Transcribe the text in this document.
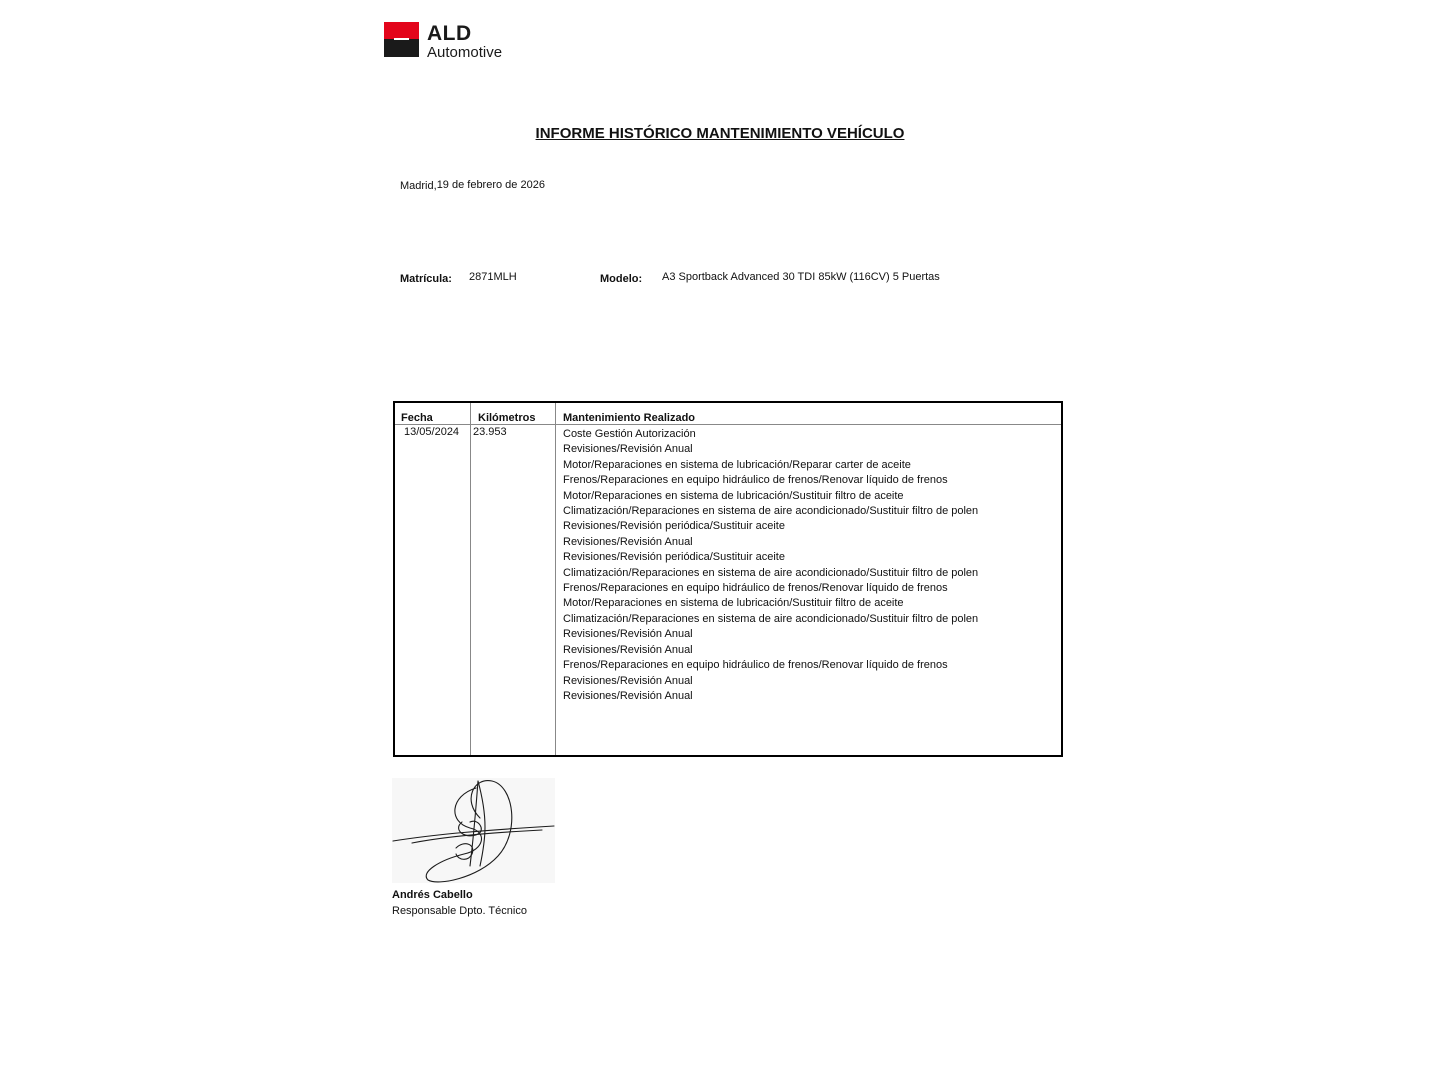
ALD
Automotive
INFORME HISTÓRICO MANTENIMIENTO VEHÍCULO
Madrid,19 de febrero de 2026
Matrícula: 2871MLH	Modelo: A3 Sportback Advanced 30 TDI 85kW (116CV) 5 Puertas
Fecha	Kilómetros	Mantenimiento Realizado
13/05/2024 23.953	Coste Gestión Autorización
Revisiones/Revisión Anual
Motor/Reparaciones en sistema de lubricación/Reparar carter de aceite
Frenos/Reparaciones en equipo hidráulico de frenos/Renovar líquido de frenos
Motor/Reparaciones en sistema de lubricación/Sustituir filtro de aceite
Climatización/Reparaciones en sistema de aire acondicionado/Sustituir filtro de polen
Revisiones/Revisión periódica/Sustituir aceite
Revisiones/Revisión Anual
Revisiones/Revisión periódica/Sustituir aceite
Climatización/Reparaciones en sistema de aire acondicionado/Sustituir filtro de polen
Frenos/Reparaciones en equipo hidráulico de frenos/Renovar líquido de frenos
Motor/Reparaciones en sistema de lubricación/Sustituir filtro de aceite
Climatización/Reparaciones en sistema de aire acondicionado/Sustituir filtro de polen
Revisiones/Revisión Anual
Revisiones/Revisión Anual
Frenos/Reparaciones en equipo hidráulico de frenos/Renovar líquido de frenos
Revisiones/Revisión Anual
Revisiones/Revisión Anual
Andrés Cabello
Responsable Dpto. Técnico
